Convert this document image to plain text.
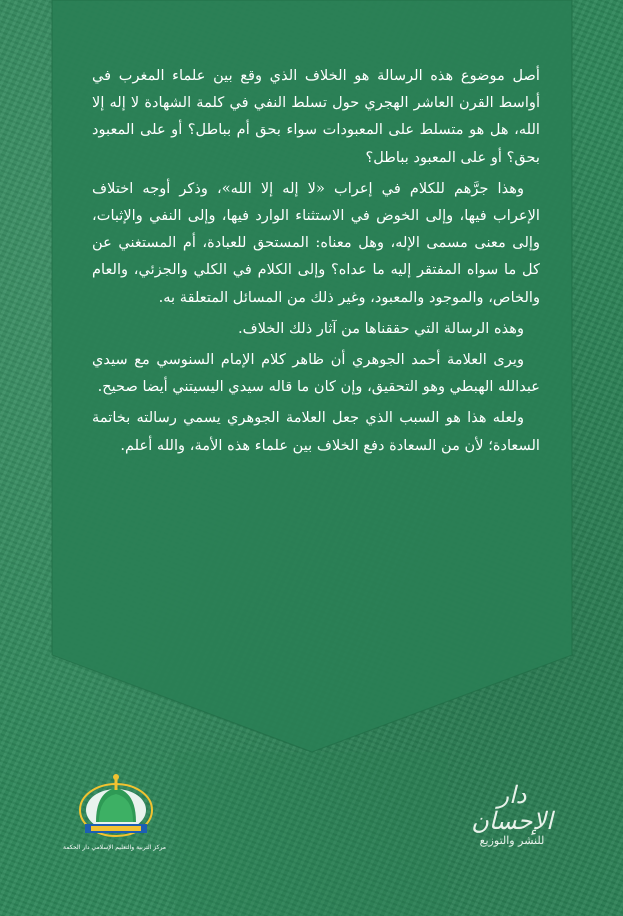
أصل موضوع هذه الرسالة هو الخلاف الذي وقع بين علماء المغرب في أواسط القرن العاشر الهجري حول تسلط النفي في كلمة الشهادة لا إله إلا الله، هل هو متسلط على المعبودات سواء بحق أم بباطل؟ أو على المعبود بحق؟ أو على المعبود بباطل؟

وهذا جرَّهم للكلام في إعراب «لا إله إلا الله»، وذكر أوجه اختلاف الإعراب فيها، وإلى الخوض في الاستثناء الوارد فيها، وإلى النفي والإثبات، وإلى معنى مسمى الإله، وهل معناه: المستحق للعبادة، أم المستغني عن كل ما سواه المفتقر إليه ما عداه؟ وإلى الكلام في الكلي والجزئي، والعام والخاص، والموجود والمعبود، وغير ذلك من المسائل المتعلقة به.

وهذه الرسالة التي حققناها من آثار ذلك الخلاف.

ويرى العلامة أحمد الجوهري أن ظاهر كلام الإمام السنوسي مع سيدي عبدالله الهبطي وهو التحقيق، وإن كان ما قاله سيدي اليسيتني أيضا صحيح.

ولعله هذا هو السبب الذي جعل العلامة الجوهري يسمي رسالته بخاتمة السعادة؛ لأن من السعادة دفع الخلاف بين علماء هذه الأمة، والله أعلم.

مركز التربية والتعليم الإسلامي دار الحكمة
دار الإحسان
للنشر والتوزيع
